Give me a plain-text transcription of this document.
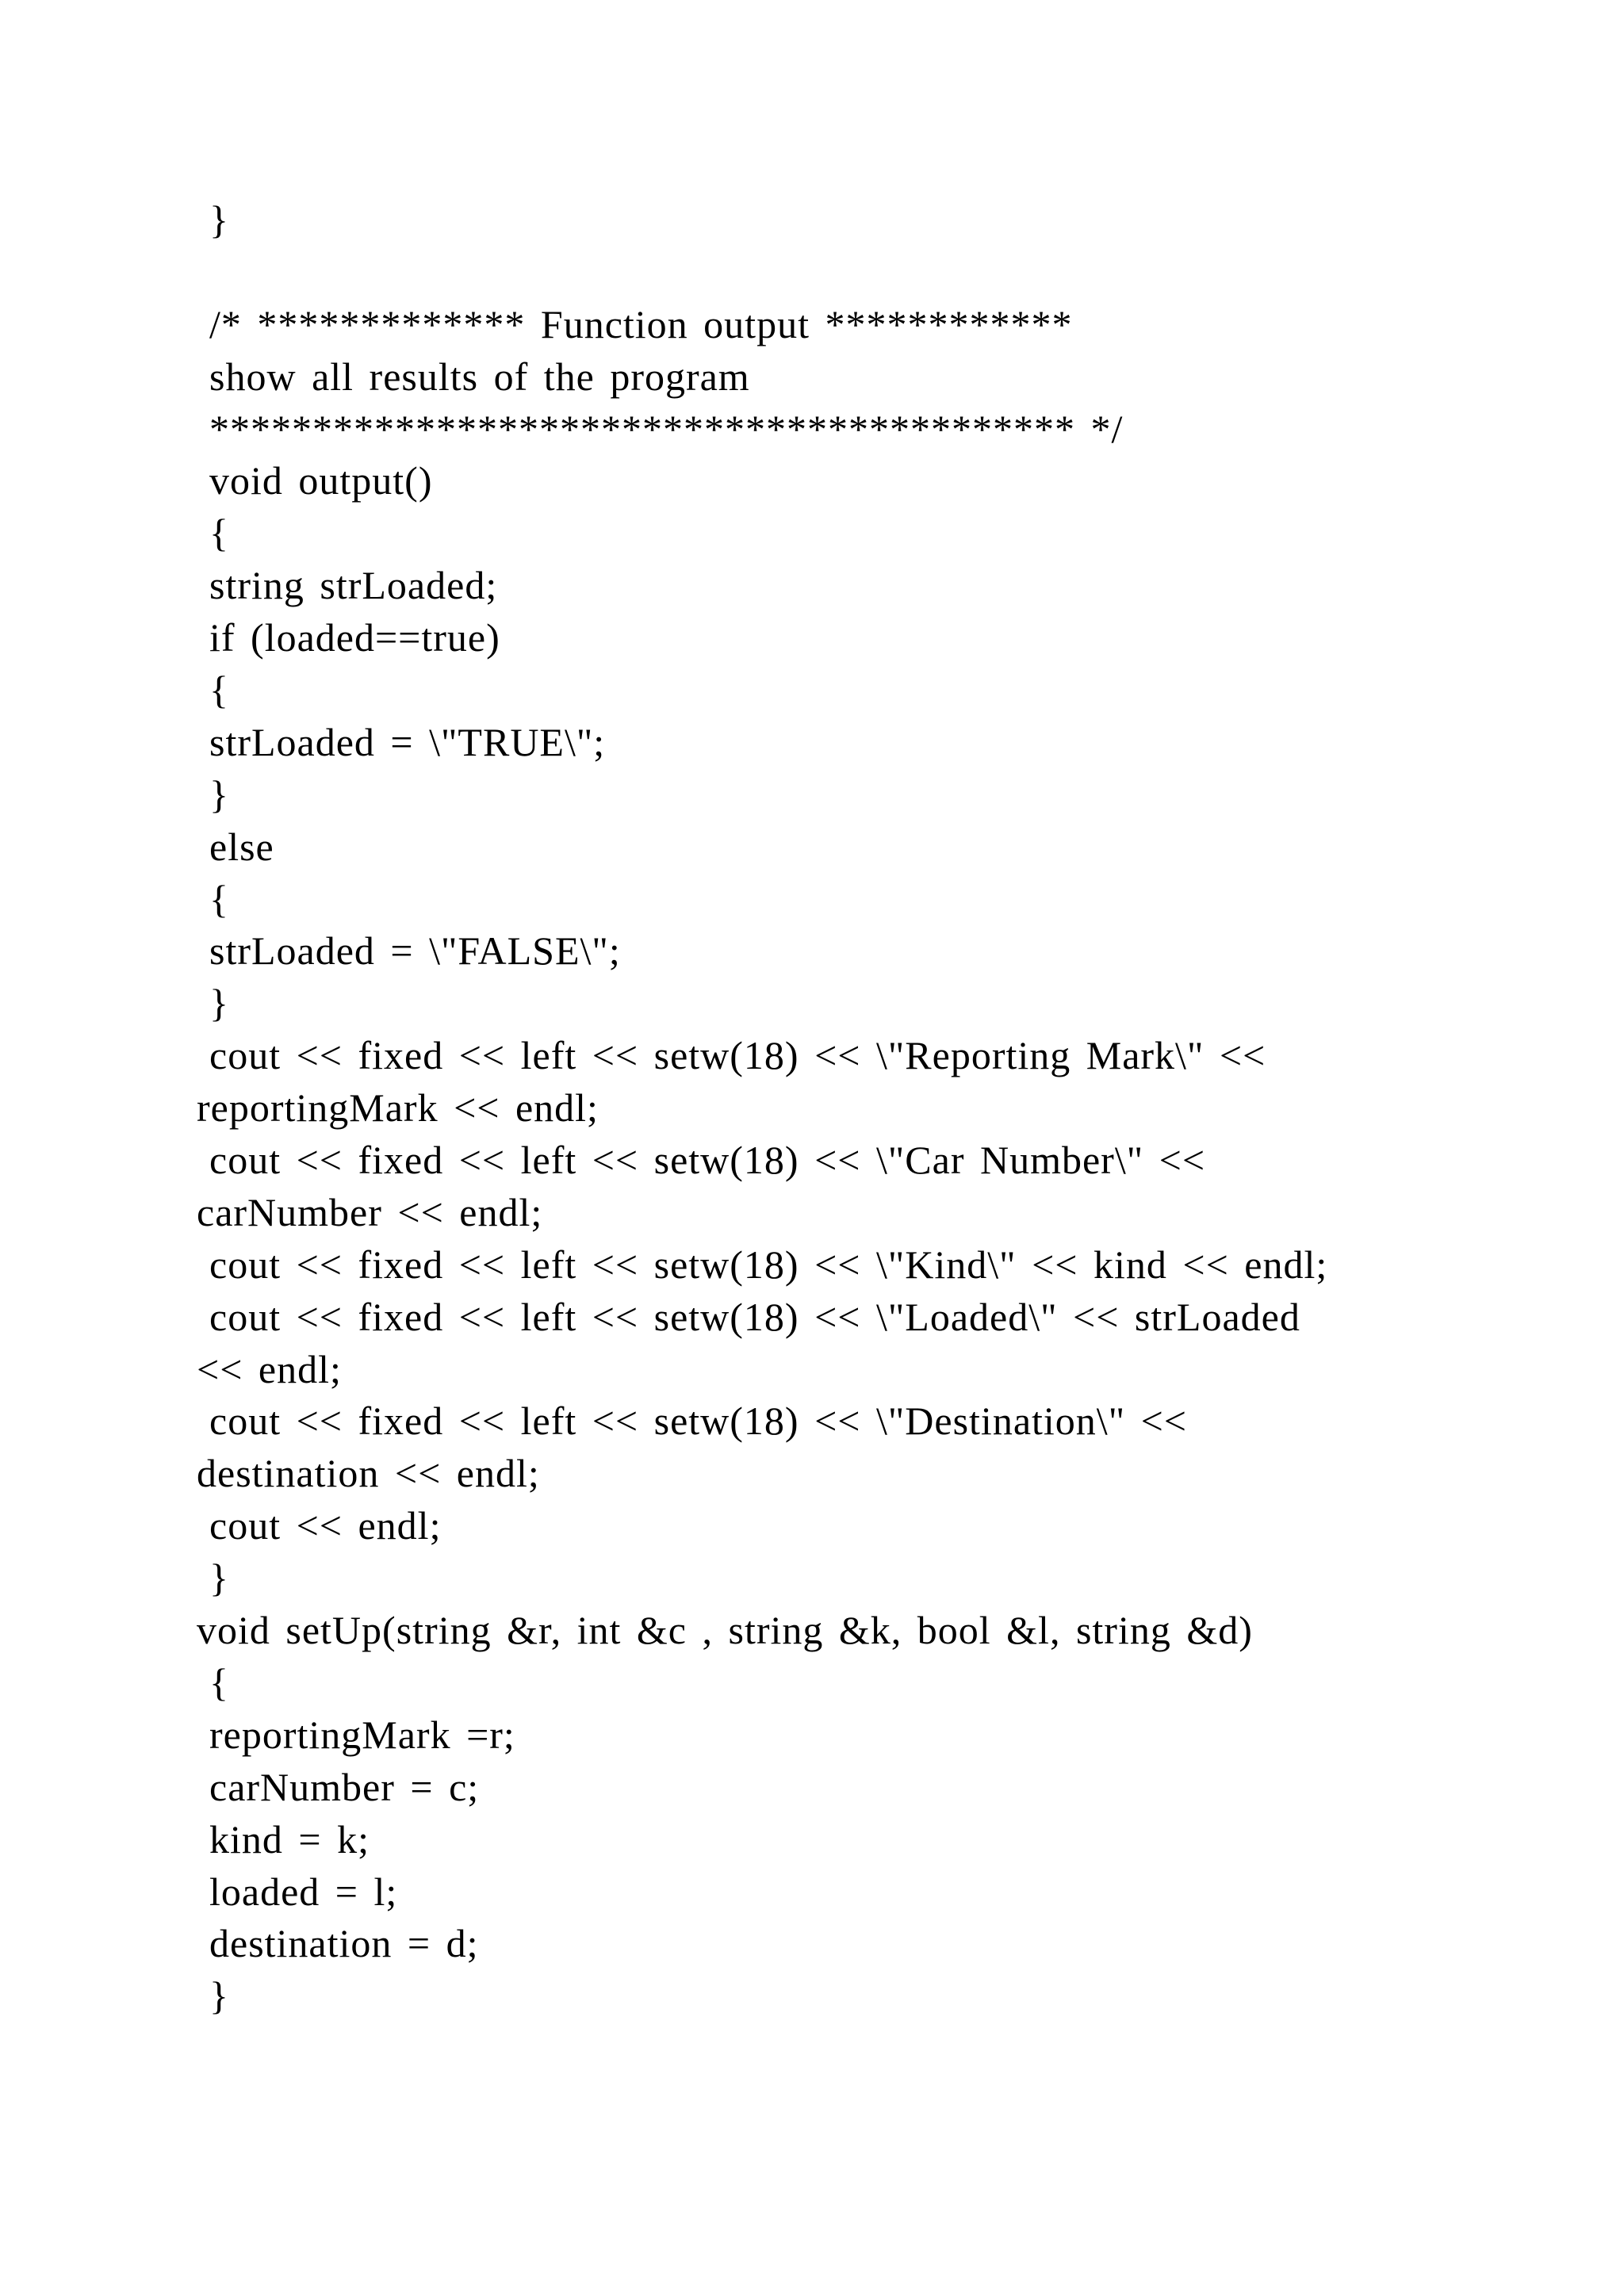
}
/* ************* Function output ************
show all results of the program
****************************************** */
void output()
{
string strLoaded;
if (loaded==true)
{
strLoaded = \"TRUE\";
}
else
{
strLoaded = \"FALSE\";
}
cout << fixed << left << setw(18) << \"Reporting Mark\" <<
reportingMark << endl;
cout << fixed << left << setw(18) << \"Car Number\" <<
carNumber << endl;
cout << fixed << left << setw(18) << \"Kind\" << kind << endl;
cout << fixed << left << setw(18) << \"Loaded\" << strLoaded
<< endl;
cout << fixed << left << setw(18) << \"Destination\" <<
destination << endl;
cout << endl;
}
void setUp(string &r, int &c , string &k, bool &l, string &d)
{
reportingMark =r;
carNumber = c;
kind = k;
loaded = l;
destination = d;
}
